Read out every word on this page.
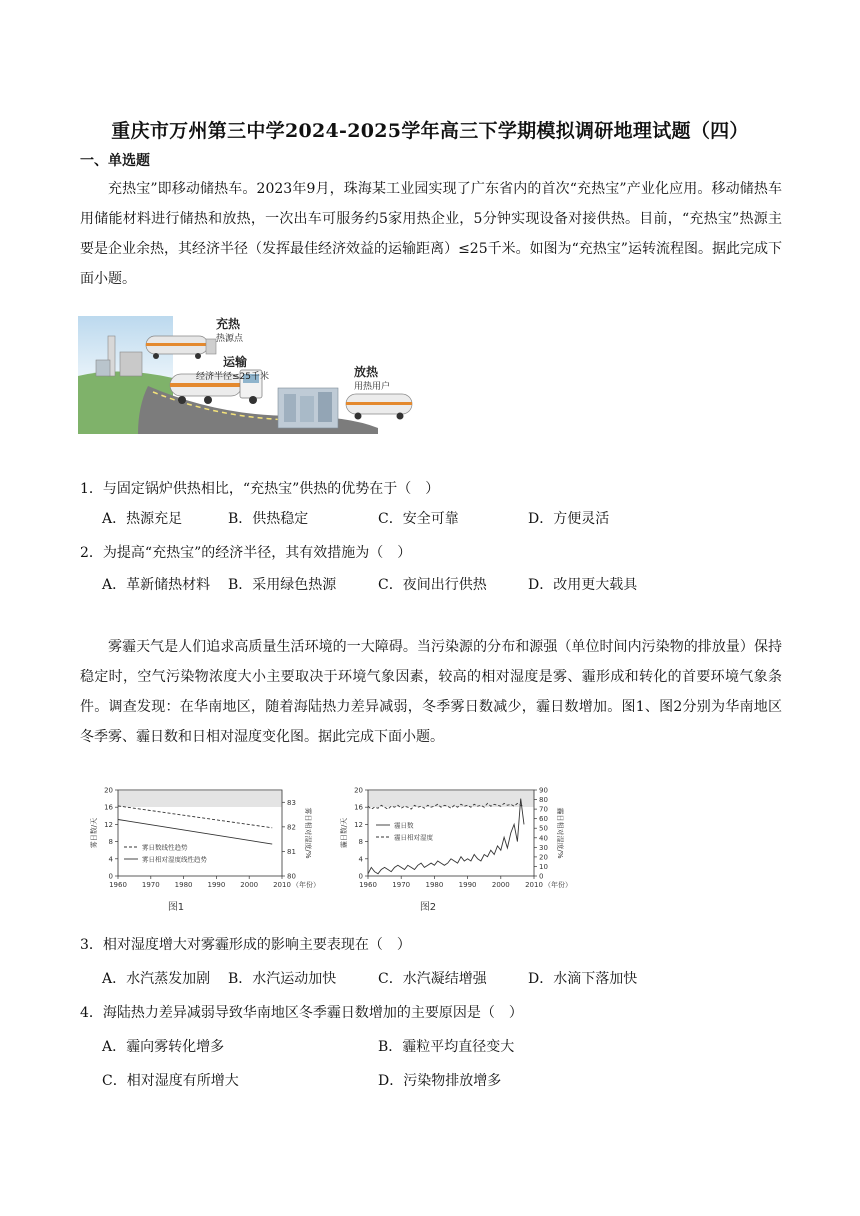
重庆市万州第三中学2024-2025学年高三下学期模拟调研地理试题（四）
一、单选题

充热宝”即移动储热车。2023年9月，珠海某工业园实现了广东省内的首次“充热宝”产业化应用。移动储热车用储能材料进行储热和放热，一次出车可服务约5家用热企业，5分钟实现设备对接供热。目前，“充热宝”热源主要是企业余热，其经济半径（发挥最佳经济效益的运输距离）≤25千米。如图为“充热宝”运转流程图。据此完成下面小题。

充热
热源点
运输
经济半径≤25千米	放热
用热用户
1．与固定锅炉供热相比，“充热宝”供热的优势在于（　）
A．热源充足	B．供热稳定	C．安全可靠	D．方便灵活
2．为提高“充热宝”的经济半径，其有效措施为（　）
A．革新储热材料	B．采用绿色热源	C．夜间出行供热	D．改用更大载具

雾霾天气是人们追求高质量生活环境的一大障碍。当污染源的分布和源强（单位时间内污染物的排放量）保持稳定时，空气污染物浓度大小主要取决于环境气象因素，较高的相对湿度是雾、霾形成和转化的首要环境气象条件。调查发现：在华南地区，随着海陆热力差异减弱，冬季雾日数减少，霾日数增加。图1、图2分别为华南地区冬季雾、霾日数和日相对湿度变化图。据此完成下面小题。

1960 1970 1980 1990 2000 2010 （年份）
0
4
8
12
16
20
80
81
82
83
雾日数/天	雾日相对湿度/%
雾日数线性趋势
雾日相对湿度线性趋势
图1
1960 1970 1980 1990 2000 2010 （年份）
0
4
8
12
16
20
0
10
20
30
40
50
60
70
80
90
霾日数/天	霾日相对湿度/%
霾日数
霾日相对湿度
图2
3．相对湿度增大对雾霾形成的影响主要表现在（　）
A．水汽蒸发加剧	B．水汽运动加快	C．水汽凝结增强	D．水滴下落加快
4．海陆热力差异减弱导致华南地区冬季霾日数增加的主要原因是（　）
A．霾向雾转化增多	B．霾粒平均直径变大
C．相对湿度有所增大	D．污染物排放增多
